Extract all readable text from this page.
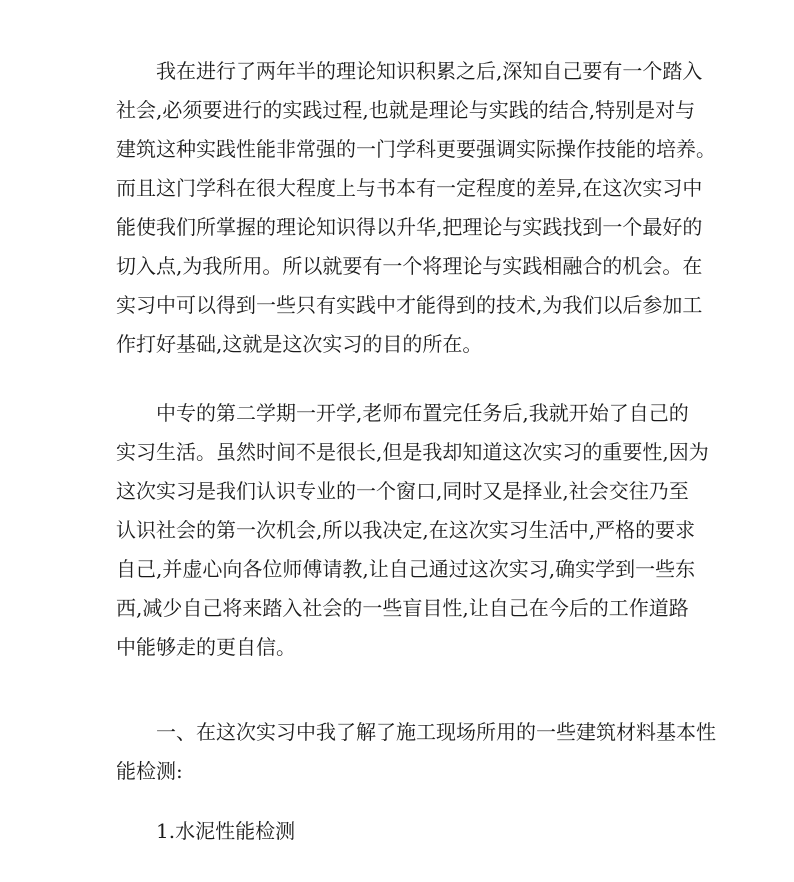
我在进行了两年半的理论知识积累之后,深知自己要有一个踏入

社会,必须要进行的实践过程,也就是理论与实践的结合,特别是对与

建筑这种实践性能非常强的一门学科更要强调实际操作技能的培养。

而且这门学科在很大程度上与书本有一定程度的差异,在这次实习中

能使我们所掌握的理论知识得以升华,把理论与实践找到一个最好的

切入点,为我所用。所以就要有一个将理论与实践相融合的机会。在

实习中可以得到一些只有实践中才能得到的技术,为我们以后参加工

作打好基础,这就是这次实习的目的所在。

中专的第二学期一开学,老师布置完任务后,我就开始了自己的

实习生活。虽然时间不是很长,但是我却知道这次实习的重要性,因为

这次实习是我们认识专业的一个窗口,同时又是择业,社会交往乃至

认识社会的第一次机会,所以我决定,在这次实习生活中,严格的要求

自己,并虚心向各位师傅请教,让自己通过这次实习,确实学到一些东

西,减少自己将来踏入社会的一些盲目性,让自己在今后的工作道路

中能够走的更自信。

一、在这次实习中我了解了施工现场所用的一些建筑材料基本性

能检测:

1.水泥性能检测
